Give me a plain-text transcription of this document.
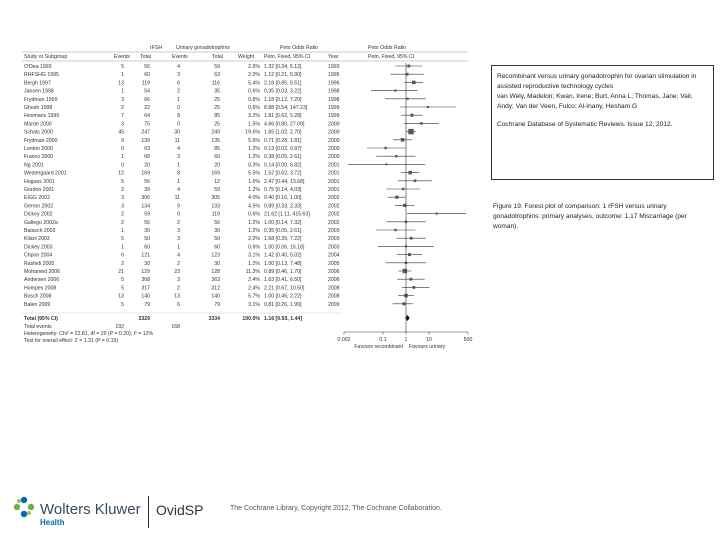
rFSH	Urinary gonadotrophins	Peto Odds Ratio	Peto Odds Ratio
Study or Subgroup	Events Total	Events	Total	Weight Peto, Fixed, 95% CI	Year	Peto, Fixed, 95% CI
O'Dea 1993	5	56	4	59	2.6% 1.32 [0.34, 5.12]	1993
RHFSHG 1995	1	60	3	63	2.0% 1.12 [0.21, 5.90]	1995
Bergh 1997	13	119	6	116	5.4% 2.18 [0.85, 5.51]	1996
Jansen 1998	1	54	2	35	0.6% 0.35 [0.03, 3.22]	1998
Frydman 1999	3	66	1	25	0.8% 1.18 [0.12, 7.20]	1998
Ghosh 1998	2	22	0	25	0.6% 8.88 [0.54, 147.23]	1999
Hoomans 1999	7	64	8	85	3.2% 1.81 [0.62, 5.28]	1999
Marde 2000	3	75	0	25	1.5% 4.66 [0.80, 27.09]	2000
Schats 2000	45	247	30	249	19.6% 1.65 [1.02, 2.70]	2000
Frydman 2000	9	139	11	135	5.6% 0.71 [0.28, 1.81]	2000
Lenton 2000	0	63	4	85	1.2% 0.13 [0.02, 0.97]	2000
Franco 2000	1	68	3	60	1.2% 0.38 [0.05, 2.61]	2000
Ng 2001	0	20	1	20	0.3% 0.14 [0.00, 6.82]	2001
Westergaard 2001	12	169	8	169	5.5% 1.52 [0.62, 3.72]	2001
Hugues 2001	5	56	1	12	1.6% 2.47 [0.44, 13.68]	2001
Gordon 2001	2	39	4	59	1.2% 0.75 [0.14, 4.03]	2001
EIGG 2002	3	306	11	305	4.0% 0.40 [0.16, 1.00]	2002
Gerron 2002	3	134	9	133	4.5% 0.89 [0.33, 2.33]	2002
Dickey 2002	2	59	0	119	0.6% 21.62 [1.11, 415.63]	2002
Gallego 2002a	2	56	2	56	1.2% 1.00 [0.14, 7.32]	2002
Balasch 2003	1	30	3	30	1.2% 0.35 [0.05, 2.61]	2003
Kilani 2003	5	50	3	50	2.0% 1.68 [0.39, 7.22]	2003
Dickey 2003	1	60	1	60	0.6% 1.00 [0.06, 16.18]	2003
Chpon 2004	6	121	4	123	3.1% 1.42 [0.40, 5.02]	2004
Rashidi 2005	2	30	2	30	1.2% 1.00 [0.13, 7.48]	2005
Mohamed 2006	21	129	23	128	11.3% 0.89 [0.46, 1.70]	2006
Andersen 2006	5	368	3	363	2.4% 1.63 [0.41, 6.50]	2006
Hompes 2008	5	317	2	312	2.4% 2.21 [0.67, 10.50]	2008
Bosch 2008	13	140	13	140	5.7% 1.00 [0.45, 2.22]	2008
Balen 2009	5	79	6	79	3.1% 0.81 [0.26, 1.99]	2009
Total (95% CI)	3329	3334	100.0% 1.16 [0.93, 1.44]
Total events	192	168
Heterogeneity: Chi² = 22.81, df = 29 (P = 0.20); I² = 12%
Test for overall effect: Z = 1.31 (P = 0.19)	0.002	0.1	1	10	500
Favours recombinant Favours urinary

Recombinant versus urinary gonadotrophin for ovarian stimulation in assisted reproductive technology cycles

van Wely, Madelon; Kwan, Irene; Burt, Anna L; Thomas, Jane; Vail, Andy; Van der Veen, Fulco; Al-Inany, Hesham G

Cochrane Database of Systematic Reviews. Issue 12, 2012.

Figure 19. Forest plot of comparison: 1 rFSH versus urinary gonadotrophins: primary analyses, outcome: 1.17 Miscarriage (per woman).
Wolters Kluwer
Health
OvidSP	The Cochrane Library, Copyright 2012, The Cochrane Collaboration.
